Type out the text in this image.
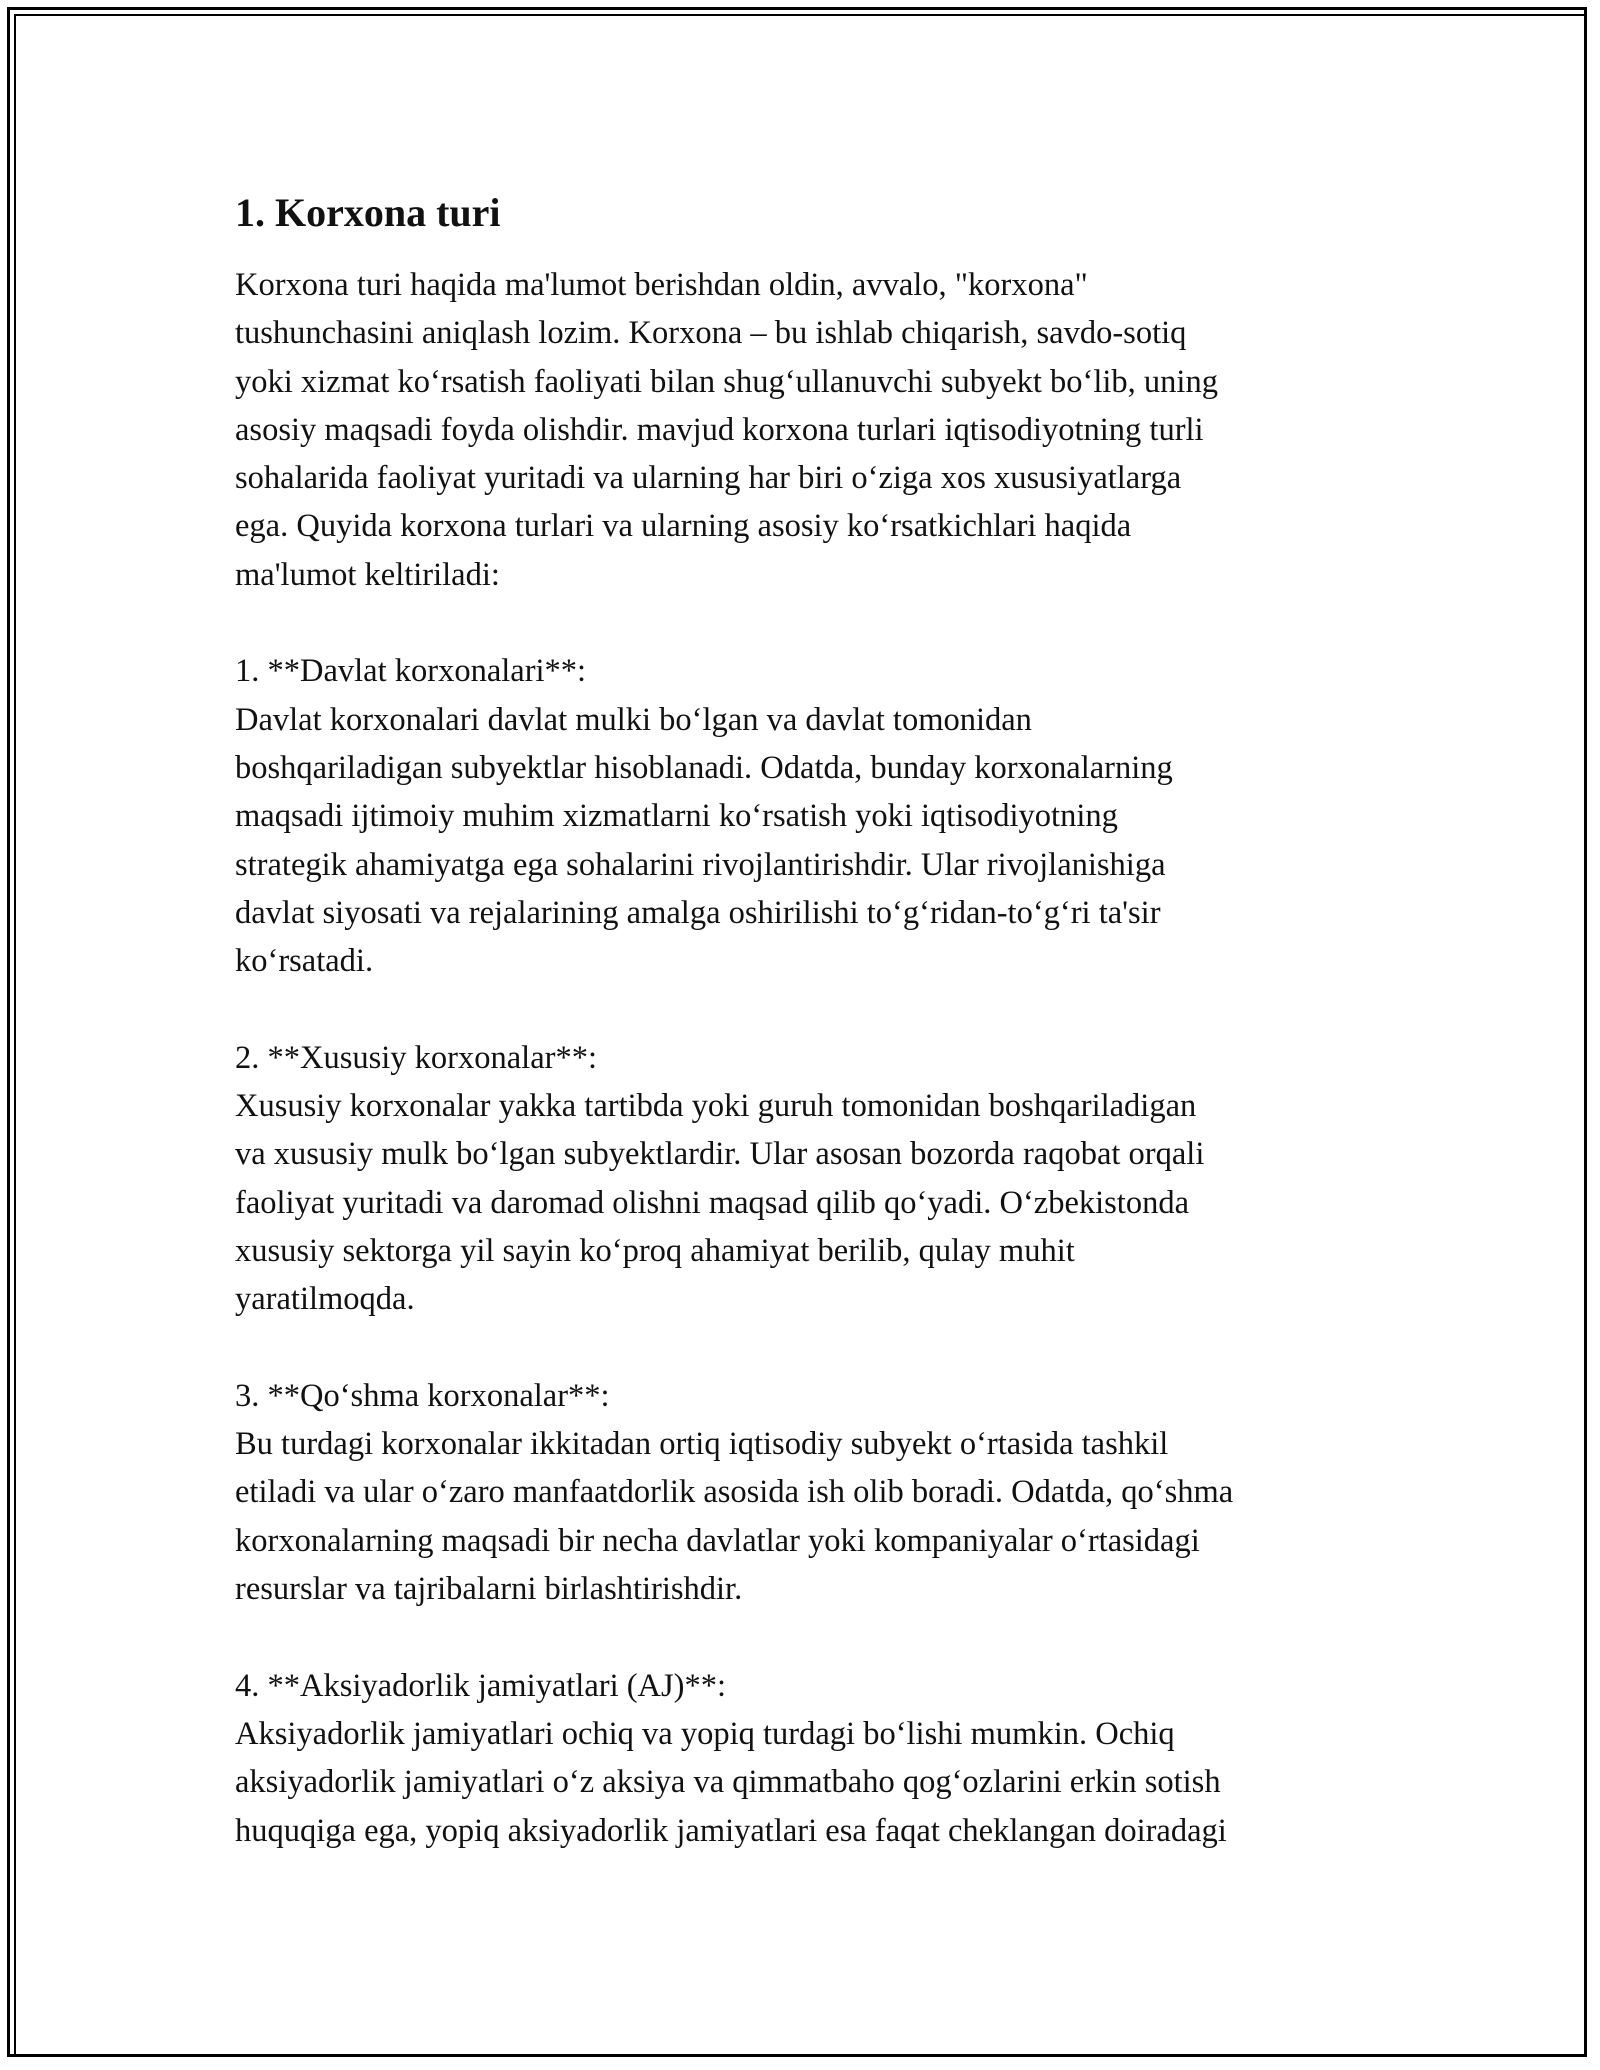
1. Korxona turi

Korxona turi haqida ma'lumot berishdan oldin, avvalo, "korxona"
tushunchasini aniqlash lozim. Korxona – bu ishlab chiqarish, savdo-sotiq
yoki xizmat ko‘rsatish faoliyati bilan shug‘ullanuvchi subyekt bo‘lib, uning
asosiy maqsadi foyda olishdir. mavjud korxona turlari iqtisodiyotning turli
sohalarida faoliyat yuritadi va ularning har biri o‘ziga xos xususiyatlarga
ega. Quyida korxona turlari va ularning asosiy ko‘rsatkichlari haqida
ma'lumot keltiriladi:

1. **Davlat korxonalari**:

Davlat korxonalari davlat mulki bo‘lgan va davlat tomonidan
boshqariladigan subyektlar hisoblanadi. Odatda, bunday korxonalarning
maqsadi ijtimoiy muhim xizmatlarni ko‘rsatish yoki iqtisodiyotning
strategik ahamiyatga ega sohalarini rivojlantirishdir. Ular rivojlanishiga
davlat siyosati va rejalarining amalga oshirilishi to‘g‘ridan-to‘g‘ri ta'sir
ko‘rsatadi.

2. **Xususiy korxonalar**:

Xususiy korxonalar yakka tartibda yoki guruh tomonidan boshqariladigan
va xususiy mulk bo‘lgan subyektlardir. Ular asosan bozorda raqobat orqali
faoliyat yuritadi va daromad olishni maqsad qilib qo‘yadi. O‘zbekistonda
xususiy sektorga yil sayin ko‘proq ahamiyat berilib, qulay muhit
yaratilmoqda.

3. **Qo‘shma korxonalar**:

Bu turdagi korxonalar ikkitadan ortiq iqtisodiy subyekt o‘rtasida tashkil
etiladi va ular o‘zaro manfaatdorlik asosida ish olib boradi. Odatda, qo‘shma
korxonalarning maqsadi bir necha davlatlar yoki kompaniyalar o‘rtasidagi
resurslar va tajribalarni birlashtirishdir.

4. **Aksiyadorlik jamiyatlari (AJ)**:

Aksiyadorlik jamiyatlari ochiq va yopiq turdagi bo‘lishi mumkin. Ochiq
aksiyadorlik jamiyatlari o‘z aksiya va qimmatbaho qog‘ozlarini erkin sotish
huquqiga ega, yopiq aksiyadorlik jamiyatlari esa faqat cheklangan doiradagi
